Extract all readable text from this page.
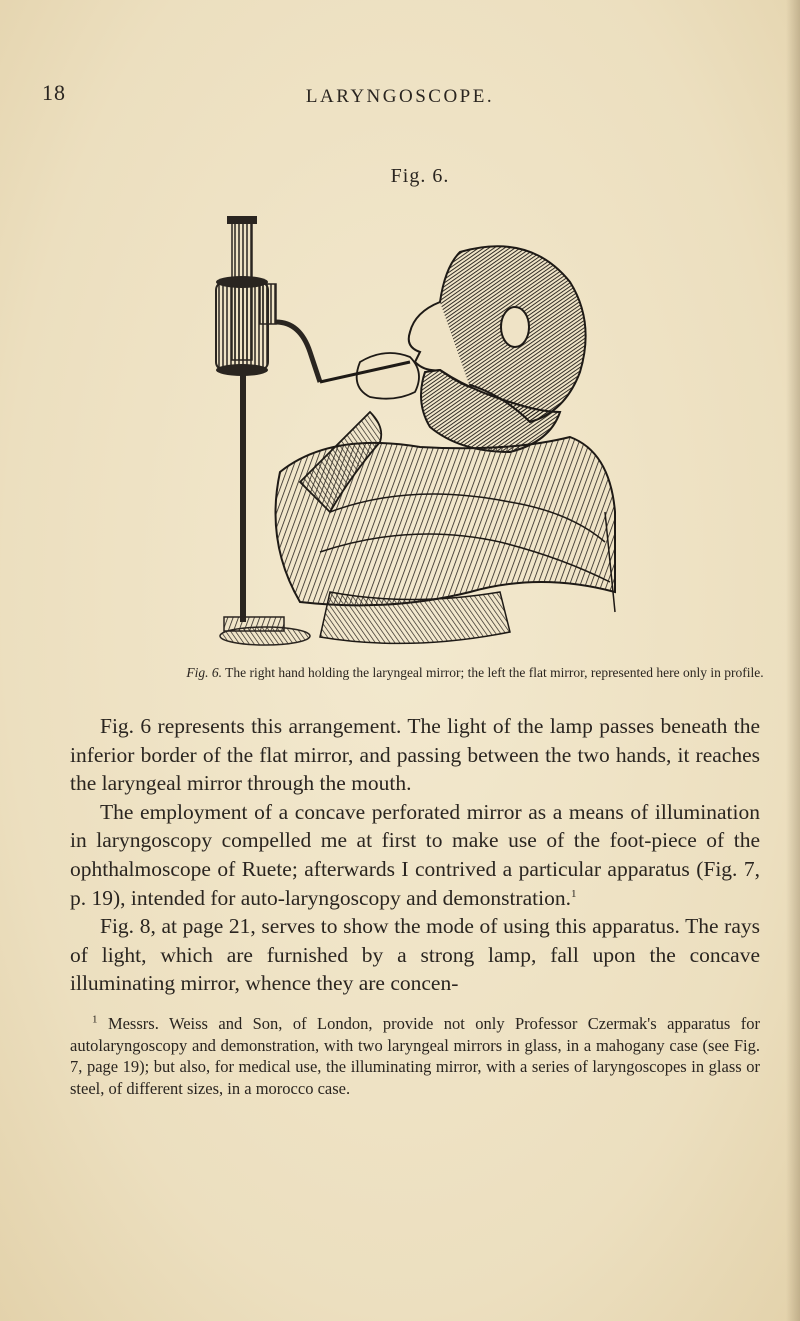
18	LARYNGOSCOPE.
Fig. 6.
Fig. 6. The right hand holding the laryngeal mirror; the left the flat mirror, represented here only in profile.

Fig. 6 represents this arrangement. The light of the lamp passes beneath the inferior border of the flat mirror, and passing between the two hands, it reaches the laryngeal mirror through the mouth.

The employment of a concave perforated mirror as a means of illumination in laryngoscopy compelled me at first to make use of the foot-piece of the ophthalmoscope of Ruete; afterwards I contrived a particular apparatus (Fig. 7, p. 19), intended for auto-laryngoscopy and demonstration.$^1$

Fig. 8, at page 21, serves to show the mode of using this apparatus. The rays of light, which are furnished by a strong lamp, fall upon the concave illuminating mirror, whence they are concen-

$^1$ Messrs. Weiss and Son, of London, provide not only Professor Czermak's apparatus for autolaryngoscopy and demonstration, with two laryngeal mirrors in glass, in a mahogany case (see Fig. 7, page 19); but also, for medical use, the illuminating mirror, with a series of laryngoscopes in glass or steel, of different sizes, in a morocco case.
